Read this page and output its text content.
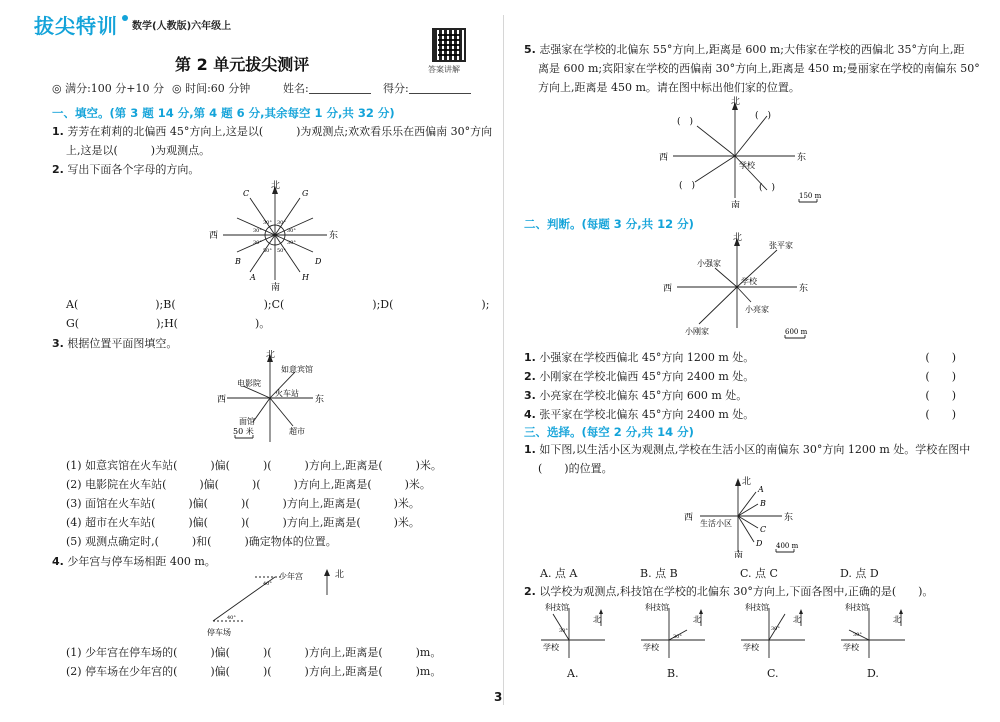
拔尖特训 数学(人教版)六年级上
答案讲解
第 2 单元拔尖测评
◎ 满分:100 分+10 分 ◎ 时间:60 分钟	姓名:	得分:
一、填空。(第 3 题 14 分,第 4 题 6 分,其余每空 1 分,共 32 分)
1. 芳芳在莉莉的北偏西 45°方向上,这是以(　　　)为观测点;欢欢看乐乐在西偏南 30°方向
上,这是以(　　　)为观测点。
2. 写出下面各个字母的方向。
北
南
西	东
C	G
B
A	H
D
30° 30°
30°	30°
30°	30°
50° 50°
A(　　　　　　　);B(　　　　　　　　);C(　　　　　　　　);D(　　　　　　　　);
G(　　　　　　　);H(　　　　　　　)。
3. 根据位置平面图填空。
北
西	东
如意宾馆
电影院
火车站
面馆
超市
50 米
(1) 如意宾馆在火车站(　　　)偏(　　　)(　　　)方向上,距离是(　　　)米。
(2) 电影院在火车站(　　　)偏(　　　)(　　　)方向上,距离是(　　　)米。
(3) 面馆在火车站(　　　)偏(　　　)(　　　)方向上,距离是(　　　)米。
(4) 超市在火车站(　　　)偏(　　　)(　　　)方向上,距离是(　　　)米。
(5) 观测点确定时,(　　　)和(　　　)确定物体的位置。
4. 少年宫与停车场相距 400 m。
少年宫
停车场
40°
40°
北
(1) 少年宫在停车场的(　　　)偏(　　　)(　　　)方向上,距离是(　　　)m。
(2) 停车场在少年宫的(　　　)偏(　　　)(　　　)方向上,距离是(　　　)m。
5. 志强家在学校的北偏东 55°方向上,距离是 600 m;大伟家在学校的西偏北 35°方向上,距
离是 600 m;宾阳家在学校的西偏南 30°方向上,距离是 450 m;曼丽家在学校的南偏东 50°
方向上,距离是 450 m。请在图中标出他们家的位置。
北
南
西	东
学校
(　)
(　)
(　)	(　)
150 m
二、判断。(每题 3 分,共 12 分)
北
西	东
张平家
小强家
学校
小亮家
小刚家	600 m
1. 小强家在学校西偏北 45°方向 1200 m 处。	(　　)
2. 小刚家在学校北偏西 45°方向 2400 m 处。	(　　)
3. 小亮家在学校北偏东 45°方向 600 m 处。	(　　)
4. 张平家在学校北偏东 45°方向 2400 m 处。	(　　)
三、选择。(每空 2 分,共 14 分)
1. 如下图,以生活小区为观测点,学校在生活小区的南偏东 30°方向 1200 m 处。学校在图中
(　　)的位置。
北
西	东
南
生活小区
A
B
C
D 400 m
A. 点 A	B. 点 B	C. 点 C	D. 点 D
2. 以学校为观测点,科技馆在学校的北偏东 30°方向上,下面各图中,正确的是(　　)。
科技馆
学校
北
30°
科技馆
学校
北
30°
科技馆
学校
北
30°
科技馆
学校
北
30°
A.	B.	C.	D.
3
